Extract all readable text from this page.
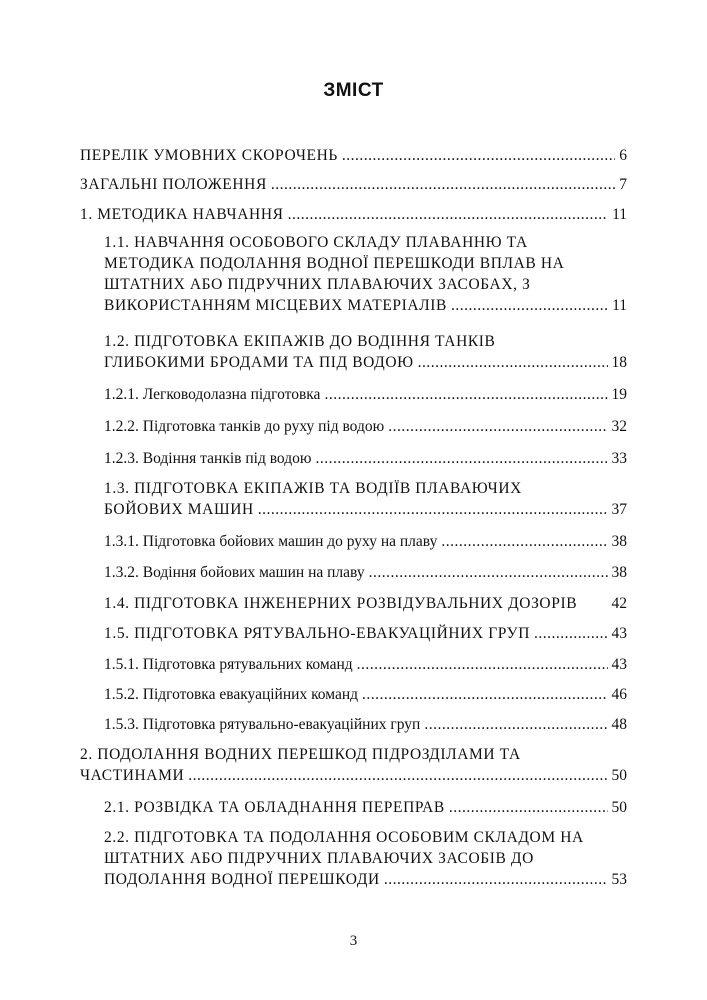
ЗМІСТ
ПЕРЕЛІК УМОВНИХ СКОРОЧЕНЬ .....	6
ЗАГАЛЬНІ ПОЛОЖЕННЯ .....	7
1. МЕТОДИКА НАВЧАННЯ .....	11
1.1. НАВЧАННЯ ОСОБОВОГО СКЛАДУ ПЛАВАННЮ ТА
МЕТОДИКА ПОДОЛАННЯ ВОДНОЇ ПЕРЕШКОДИ ВПЛАВ НА
ШТАТНИХ АБО ПІДРУЧНИХ ПЛАВАЮЧИХ ЗАСОБАХ, З
ВИКОРИСТАННЯМ МІСЦЕВИХ МАТЕРІАЛІВ .....	11
1.2. ПІДГОТОВКА ЕКІПАЖІВ ДО ВОДІННЯ ТАНКІВ
ГЛИБОКИМИ БРОДАМИ ТА ПІД ВОДОЮ .....	18
1.2.1. Легководолазна підготовка .....	19
1.2.2. Підготовка танків до руху під водою .....	32
1.2.3. Водіння танків під водою .....	33
1.3. ПІДГОТОВКА ЕКІПАЖІВ ТА ВОДІЇВ ПЛАВАЮЧИХ
БОЙОВИХ МАШИН .....	37
1.3.1. Підготовка бойових машин до руху на плаву .....	38
1.3.2. Водіння бойових машин на плаву .....	38
1.4. ПІДГОТОВКА ІНЖЕНЕРНИХ РОЗВІДУВАЛЬНИХ ДОЗОРІВ 42
1.5. ПІДГОТОВКА РЯТУВАЛЬНО-ЕВАКУАЦІЙНИХ ГРУП .....	43
1.5.1. Підготовка рятувальних команд .....	43
1.5.2. Підготовка евакуаційних команд .....	46
1.5.3. Підготовка рятувально-евакуаційних груп .....	48
2. ПОДОЛАННЯ ВОДНИХ ПЕРЕШКОД ПІДРОЗДІЛАМИ ТА
ЧАСТИНАМИ .....	50
2.1. РОЗВІДКА ТА ОБЛАДНАННЯ ПЕРЕПРАВ .....	50
2.2. ПІДГОТОВКА ТА ПОДОЛАННЯ ОСОБОВИМ СКЛАДОМ НА
ШТАТНИХ АБО ПІДРУЧНИХ ПЛАВАЮЧИХ ЗАСОБІВ ДО
ПОДОЛАННЯ ВОДНОЇ ПЕРЕШКОДИ .....	53
3
